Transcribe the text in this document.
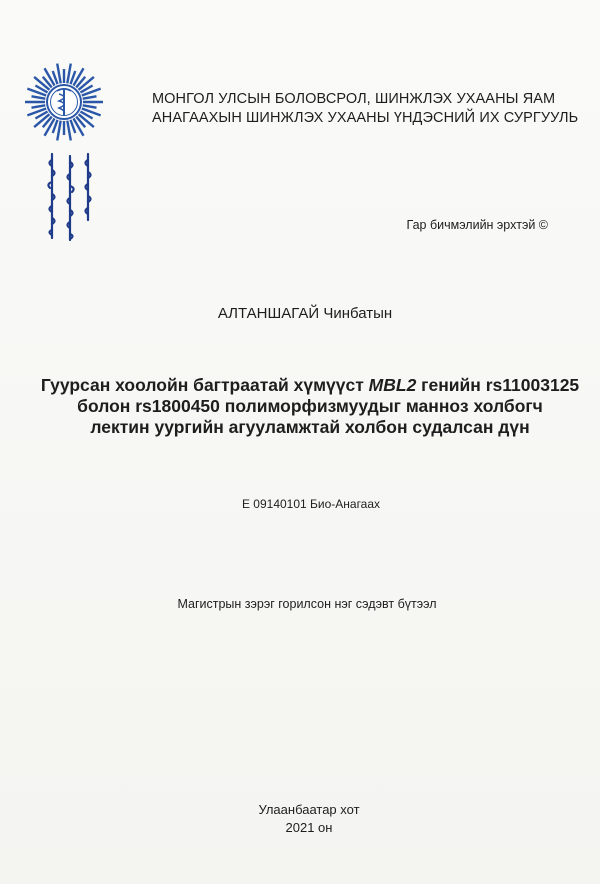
МОНГОЛ УЛСЫН БОЛОВСРОЛ, ШИНЖЛЭХ УХААНЫ ЯАМ
АНАГААХЫН ШИНЖЛЭХ УХААНЫ ҮНДЭСНИЙ ИХ СУРГУУЛЬ
Гар бичмэлийн эрхтэй ©
АЛТАНШАГАЙ Чинбатын
Гуурсан хоолойн багтраатай хүмүүст MBL2 генийн rs11003125
болон rs1800450 полиморфизмуудыг манноз холбогч
лектин уургийн агууламжтай холбон судалсан дүн
E 09140101 Био-Анагаах
Магистрын зэрэг горилсон нэг сэдэвт бүтээл
Улаанбаатар хот
2021 он
